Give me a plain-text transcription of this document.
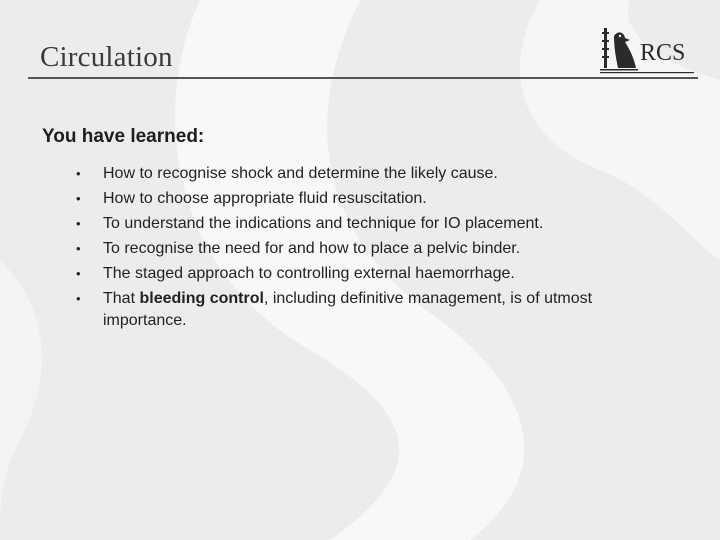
Circulation	RCS
You have learned:
• How to recognise shock and determine the likely cause.
• How to choose appropriate fluid resuscitation.
• To understand the indications and technique for IO placement.
• To recognise the need for and how to place a pelvic binder.
• The staged approach to controlling external haemorrhage.
• That bleeding control, including definitive management, is of utmost importance.
